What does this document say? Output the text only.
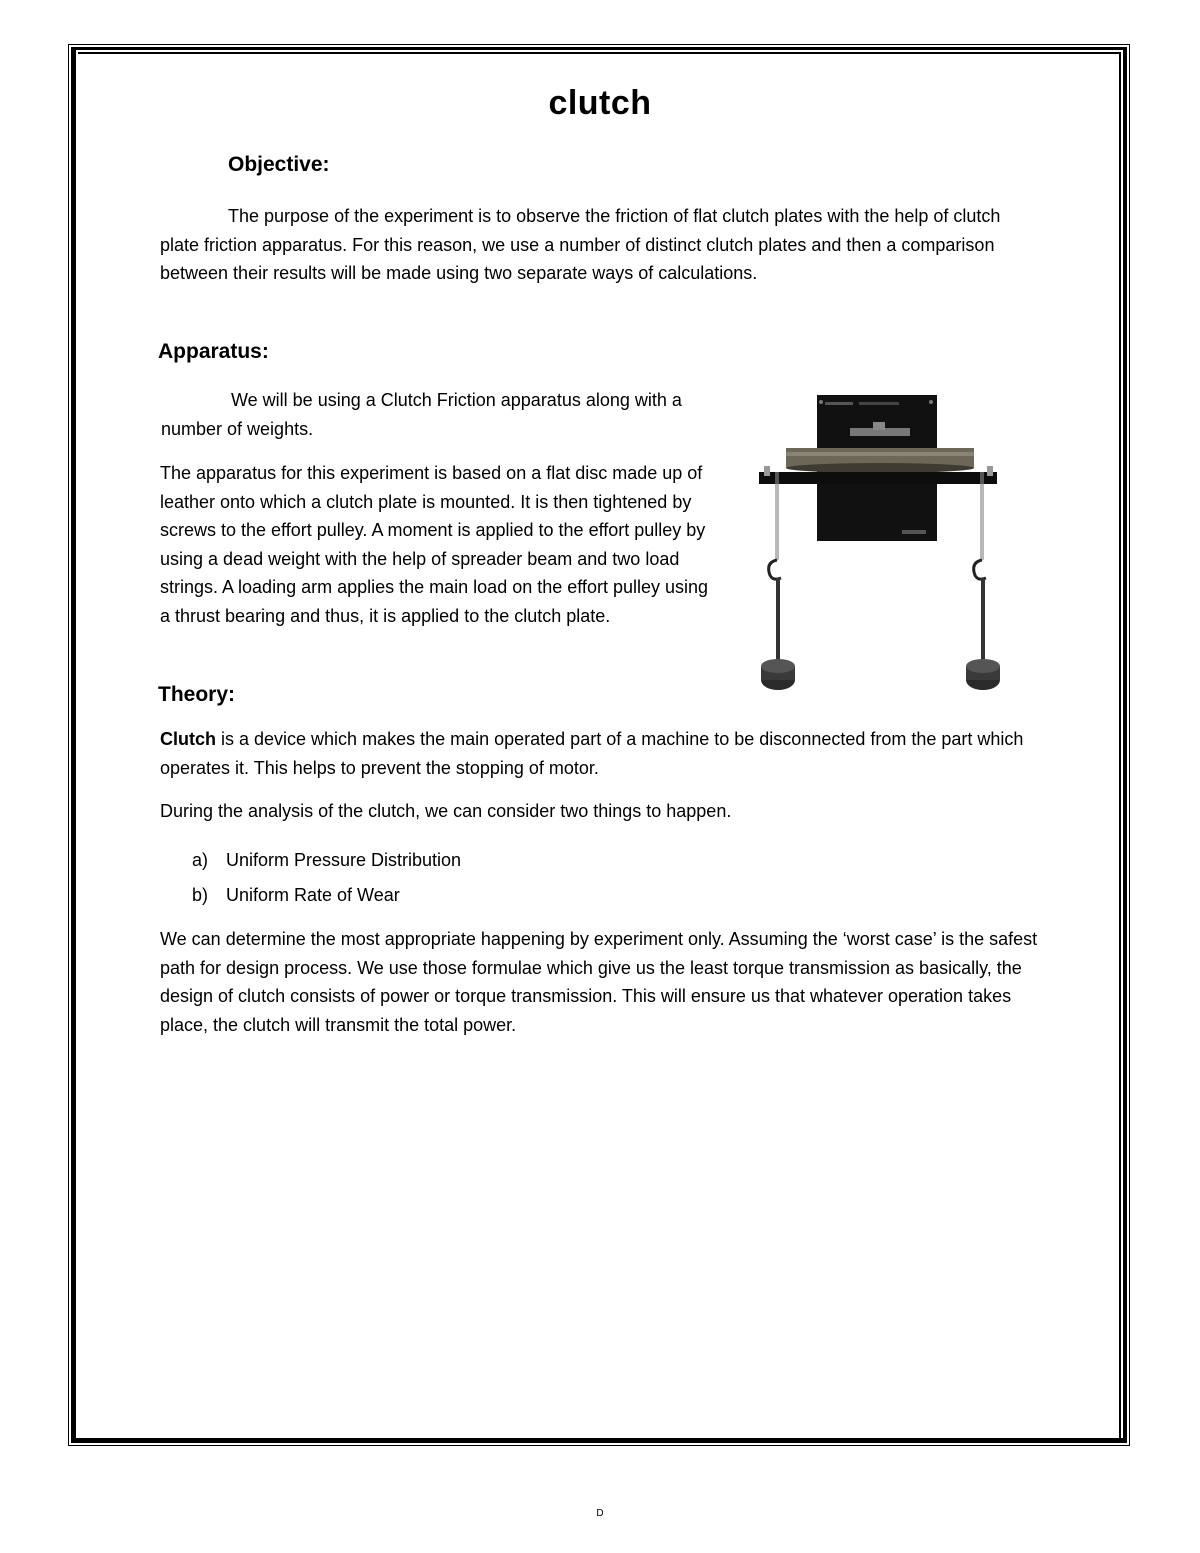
clutch
Objective:

The purpose of the experiment is to observe the friction of flat clutch plates with the help of clutch plate friction apparatus. For this reason, we use a number of distinct clutch plates and then a comparison between their results will be made using two separate ways of calculations.

Apparatus:

We will be using a Clutch Friction apparatus along with a number of weights.

The apparatus for this experiment is based on a flat disc made up of leather onto which a clutch plate is mounted. It is then tightened by screws to the effort pulley. A moment is applied to the effort pulley by using a dead weight with the help of spreader beam and two load strings. A loading arm applies the main load on the effort pulley using a thrust bearing and thus, it is applied to the clutch plate.

Theory:

Clutch is a device which makes the main operated part of a machine to be disconnected from the part which operates it. This helps to prevent the stopping of motor.

During the analysis of the clutch, we can consider two things to happen.

a) Uniform Pressure Distribution
b) Uniform Rate of Wear

We can determine the most appropriate happening by experiment only. Assuming the ‘worst case’ is the safest path for design process. We use those formulae which give us the least torque transmission as basically, the design of clutch consists of power or torque transmission. This will ensure us that whatever operation takes place, the clutch will transmit the total power.

D
